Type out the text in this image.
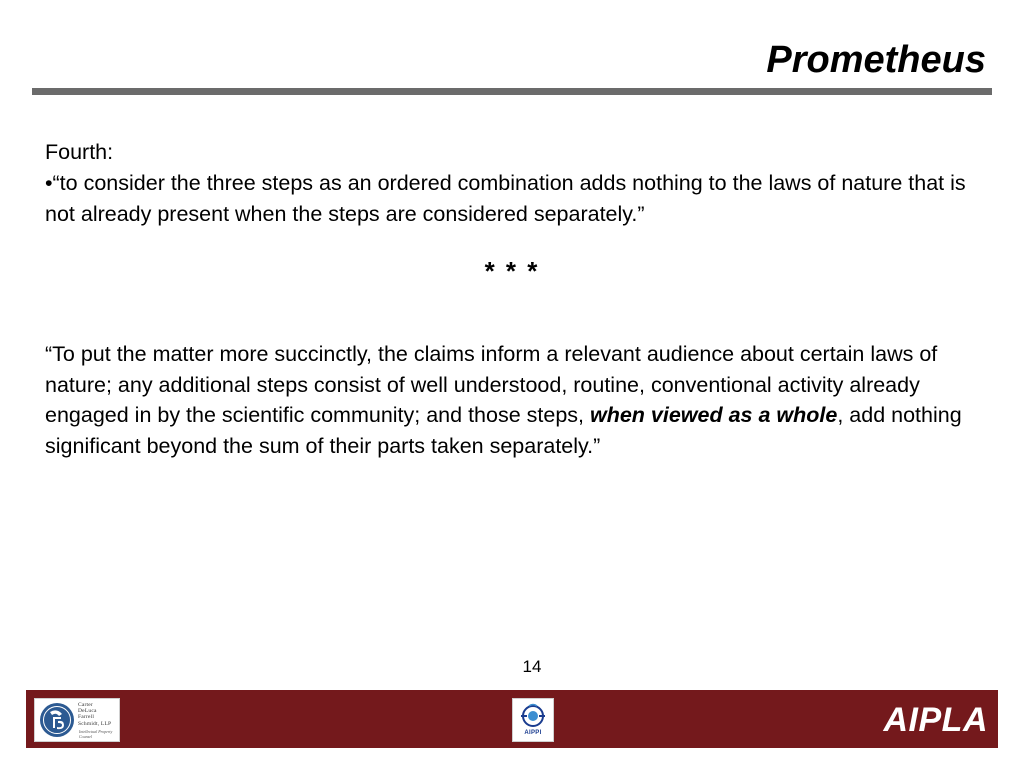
Prometheus

Fourth:

•“to consider the three steps as an ordered combination adds nothing to the laws of nature that is not already present when the steps are considered separately.”

* * *

“To put the matter more succinctly, the claims inform a relevant audience about certain laws of nature; any additional steps consist of well understood, routine, conventional activity already engaged in by the scientific community; and those steps, when viewed as a whole, add nothing significant beyond the sum of their parts taken separately.”

14
Carter
DeLuca
Farrell
Schmidt, LLP
Intellectual Property Counsel
AIPPI	AIPLA
